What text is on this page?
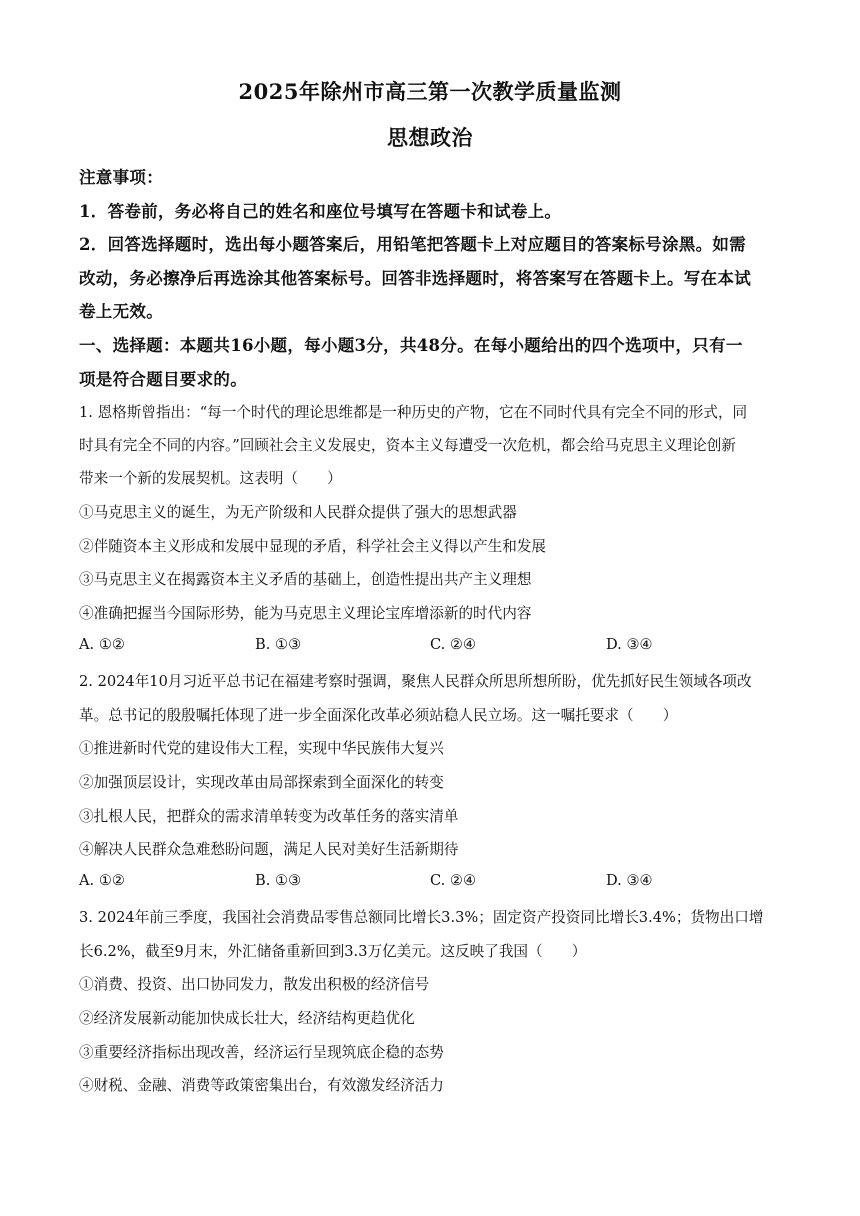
2025年除州市高三第一次教学质量监测
思想政治
注意事项：
1．答卷前，务必将自己的姓名和座位号填写在答题卡和试卷上。
2．回答选择题时，选出每小题答案后，用铅笔把答题卡上对应题目的答案标号涂黑。如需
改动，务必擦净后再选涂其他答案标号。回答非选择题时，将答案写在答题卡上。写在本试
卷上无效。
一、选择题：本题共16小题，每小题3分，共48分。在每小题给出的四个选项中，只有一
项是符合题目要求的。
1. 恩格斯曾指出：“每一个时代的理论思维都是一种历史的产物，它在不同时代具有完全不同的形式，同
时具有完全不同的内容。”回顾社会主义发展史，资本主义每遭受一次危机，都会给马克思主义理论创新
带来一个新的发展契机。这表明（　　）
①马克思主义的诞生，为无产阶级和人民群众提供了强大的思想武器
②伴随资本主义形成和发展中显现的矛盾，科学社会主义得以产生和发展
③马克思主义在揭露资本主义矛盾的基础上，创造性提出共产主义理想
④准确把握当今国际形势，能为马克思主义理论宝库增添新的时代内容
A. ①②	B. ①③	C. ②④	D. ③④
2. 2024年10月习近平总书记在福建考察时强调，聚焦人民群众所思所想所盼，优先抓好民生领域各项改
革。总书记的殷殷嘱托体现了进一步全面深化改革必须站稳人民立场。这一嘱托要求（　　）
①推进新时代党的建设伟大工程，实现中华民族伟大复兴
②加强顶层设计，实现改革由局部探索到全面深化的转变
③扎根人民，把群众的需求清单转变为改革任务的落实清单
④解决人民群众急难愁盼问题，满足人民对美好生活新期待
A. ①②	B. ①③	C. ②④	D. ③④
3. 2024年前三季度，我国社会消费品零售总额同比增长3.3%；固定资产投资同比增长3.4%；货物出口增
长6.2%，截至9月末，外汇储备重新回到3.3万亿美元。这反映了我国（　　）
①消费、投资、出口协同发力，散发出积极的经济信号
②经济发展新动能加快成长壮大，经济结构更趋优化
③重要经济指标出现改善，经济运行呈现筑底企稳的态势
④财税、金融、消费等政策密集出台，有效激发经济活力
